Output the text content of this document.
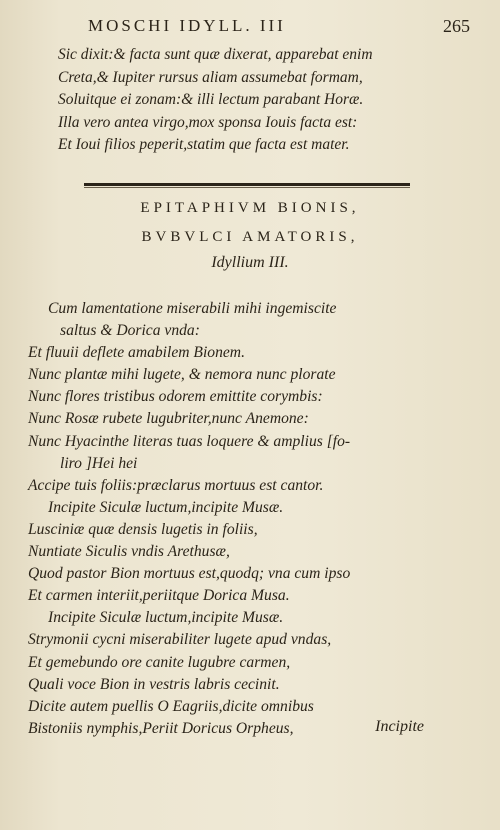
MOSCHI IDYLL. III	265
Sic dixit:& facta sunt quæ dixerat, apparebat enim
Creta,& Iupiter rursus aliam assumebat formam,
Soluitque ei zonam:& illi lectum parabant Horæ.
Illa vero antea virgo,mox sponsa Iouis facta est:
Et Ioui filios peperit,statim que facta est mater.
EPITAPHIVM BIONIS,
BVBVLCI AMATORIS,
Idyllium III.
Cum lamentatione miserabili mihi ingemiscite
saltus & Dorica vnda:
Et fluuii deflete amabilem Bionem.
Nunc plantæ mihi lugete, & nemora nunc plorate
Nunc flores tristibus odorem emittite corymbis:
Nunc Rosæ rubete lugubriter,nunc Anemone:
Nunc Hyacinthe literas tuas loquere & amplius [fo-
liro ]Hei hei
Accipe tuis foliis:præclarus mortuus est cantor.
Incipite Siculæ luctum,incipite Musæ.
Lusciniæ quæ densis lugetis in foliis,
Nuntiate Siculis vndis Arethusæ,
Quod pastor Bion mortuus est,quodq; vna cum ipso
Et carmen interiit,periitque Dorica Musa.
Incipite Siculæ luctum,incipite Musæ.
Strymonii cycni miserabiliter lugete apud vndas,
Et gemebundo ore canite lugubre carmen,
Quali voce Bion in vestris labris cecinit.
Dicite autem puellis O Eagriis,dicite omnibus
Bistoniis nymphis,Periit Doricus Orpheus,	Incipite
